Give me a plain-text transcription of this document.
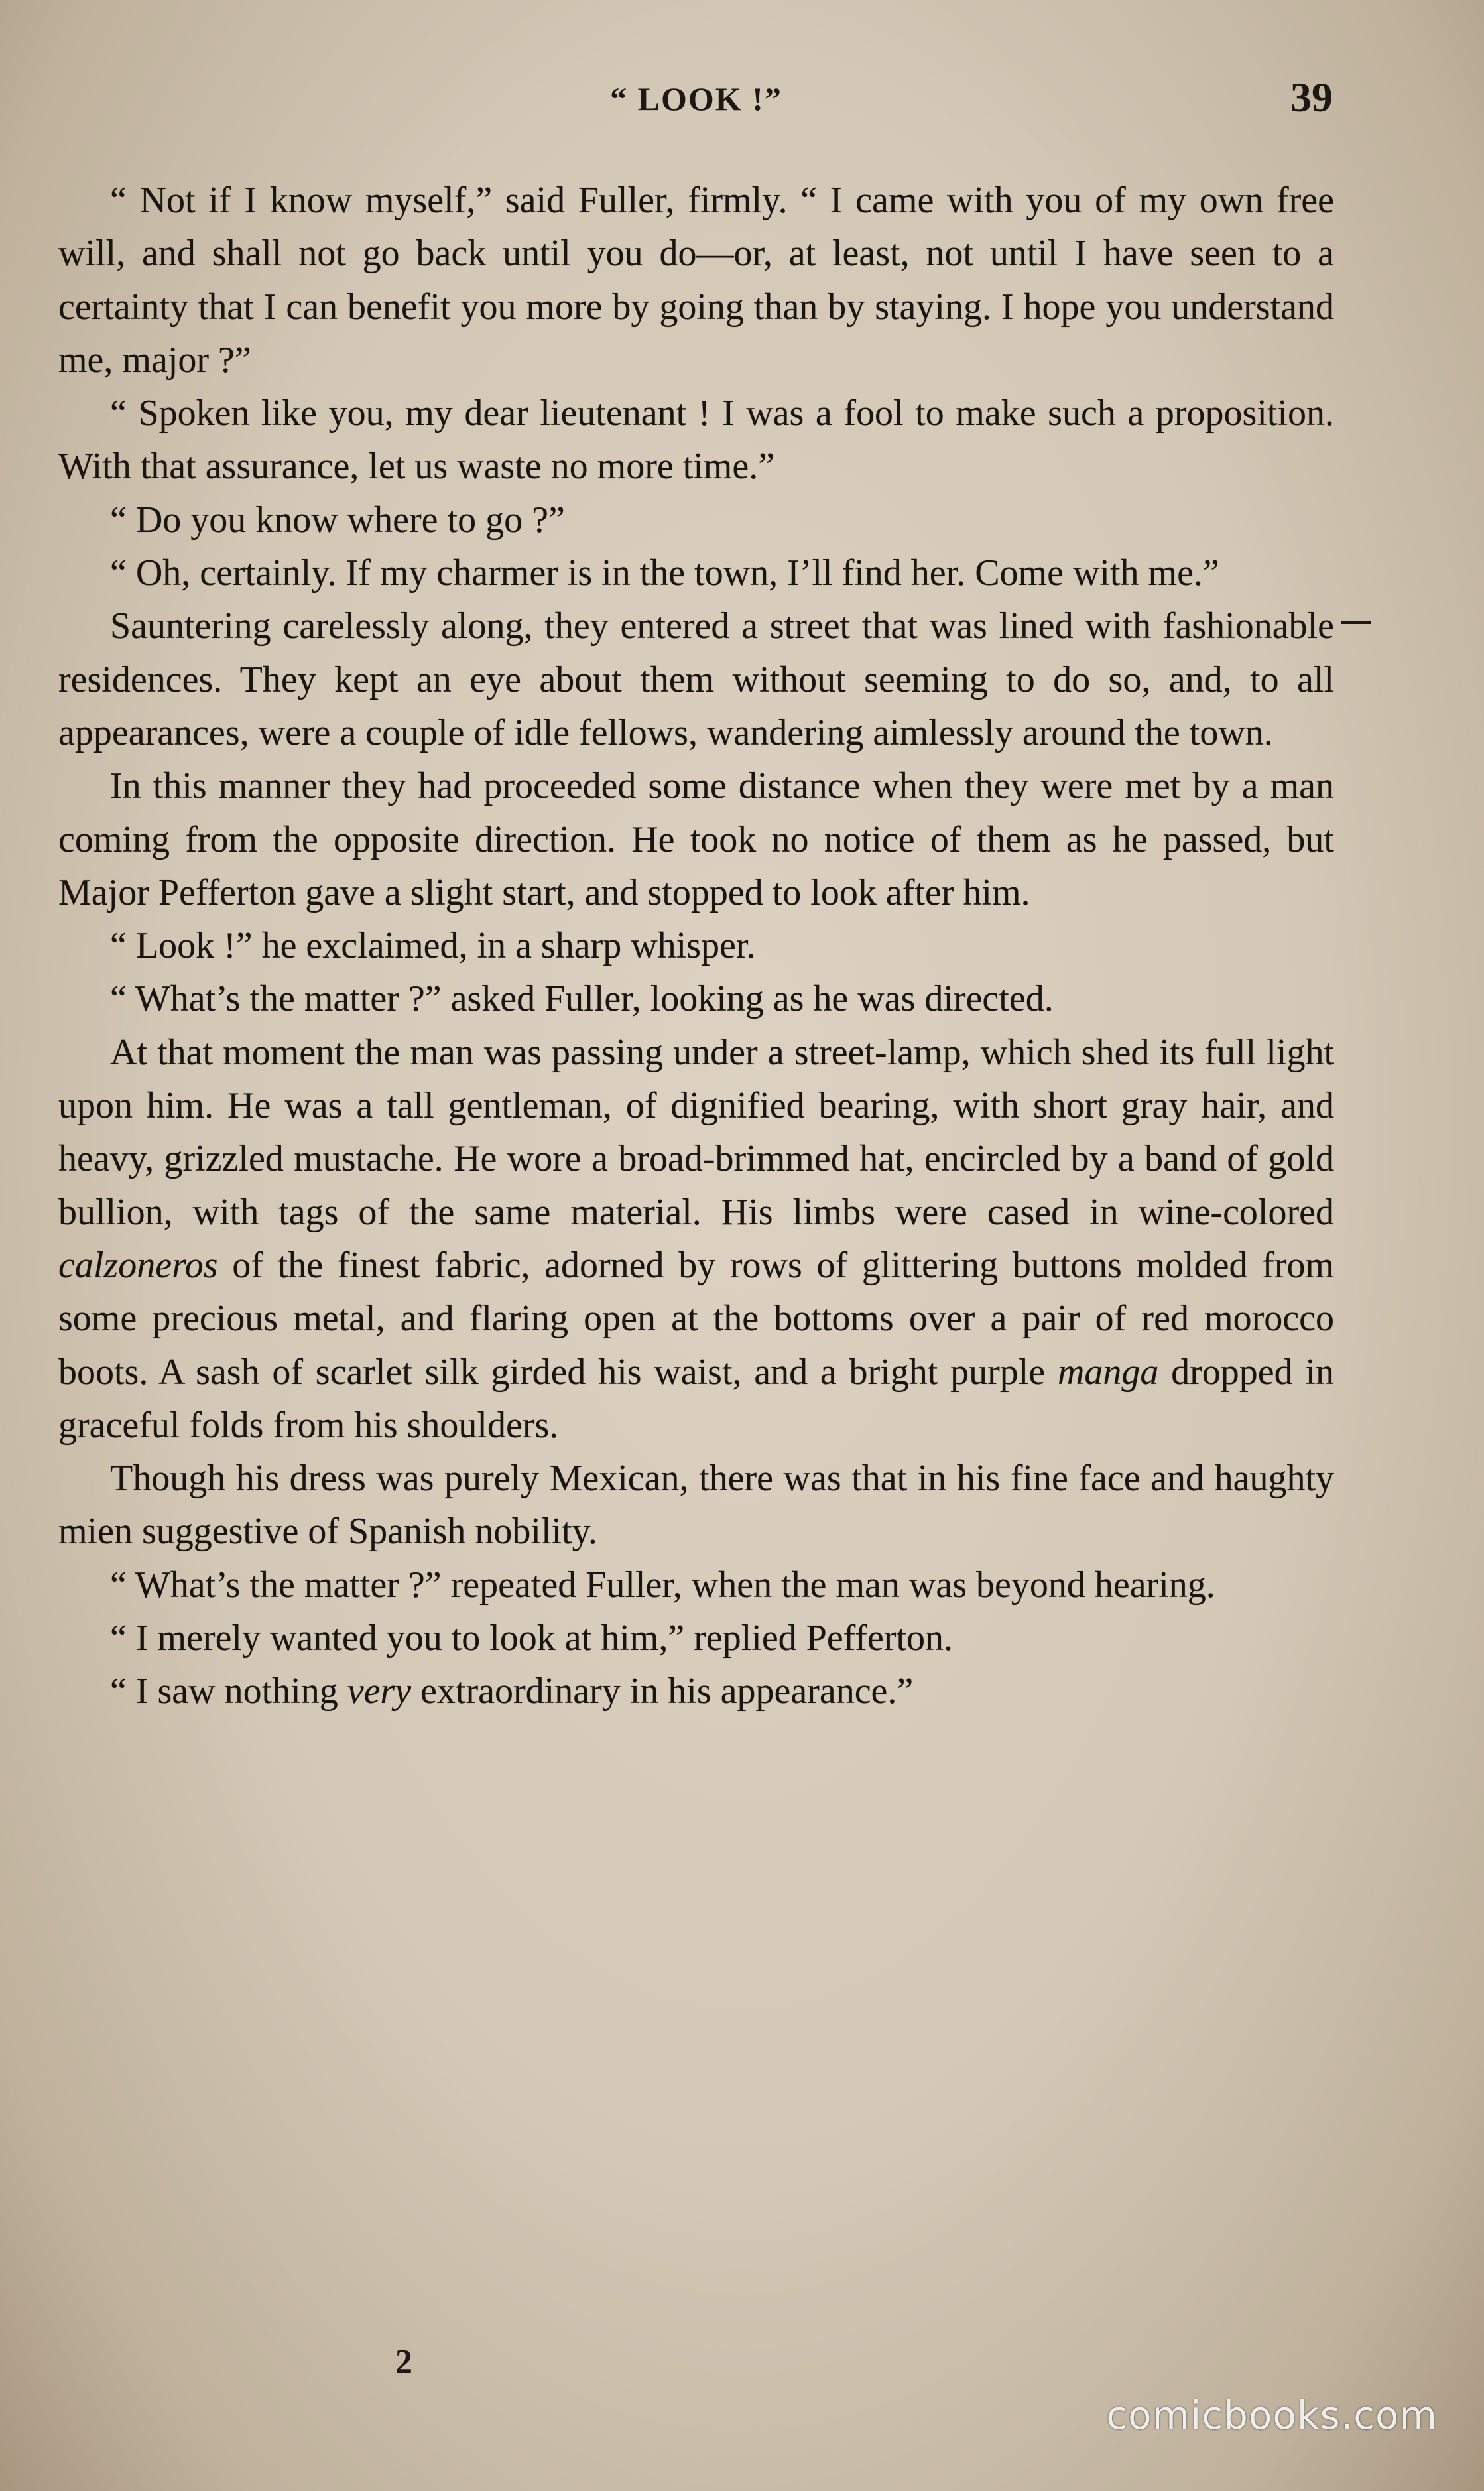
“ LOOK !”	39

“ Not if I know myself,” said Fuller, firmly. “ I came with you of my own free will, and shall not go back until you do—or, at least, not until I have seen to a certainty that I can benefit you more by going than by staying. I hope you understand me, major ?”

“ Spoken like you, my dear lieutenant ! I was a fool to make such a proposition. With that assurance, let us waste no more time.”

“ Do you know where to go ?”

“ Oh, certainly. If my charmer is in the town, I’ll find her. Come with me.”

Sauntering carelessly along, they entered a street that was lined with fashionable residences. They kept an eye about them without seeming to do so, and, to all appearances, were a couple of idle fellows, wandering aimlessly around the town.

In this manner they had proceeded some distance when they were met by a man coming from the opposite direction. He took no notice of them as he passed, but Major Pefferton gave a slight start, and stopped to look after him.

“ Look !” he exclaimed, in a sharp whisper.

“ What’s the matter ?” asked Fuller, looking as he was directed.

At that moment the man was passing under a street-lamp, which shed its full light upon him. He was a tall gentleman, of dignified bearing, with short gray hair, and heavy, grizzled mustache. He wore a broad-brimmed hat, encircled by a band of gold bullion, with tags of the same material. His limbs were cased in wine-colored calzoneros of the finest fabric, adorned by rows of glittering buttons molded from some precious metal, and flaring open at the bottoms over a pair of red morocco boots. A sash of scarlet silk girded his waist, and a bright purple manga dropped in graceful folds from his shoulders.

Though his dress was purely Mexican, there was that in his fine face and haughty mien suggestive of Spanish nobility.

“ What’s the matter ?” repeated Fuller, when the man was beyond hearing.

“ I merely wanted you to look at him,” replied Pefferton.

“ I saw nothing very extraordinary in his appearance.”

2
comicbooks.com
